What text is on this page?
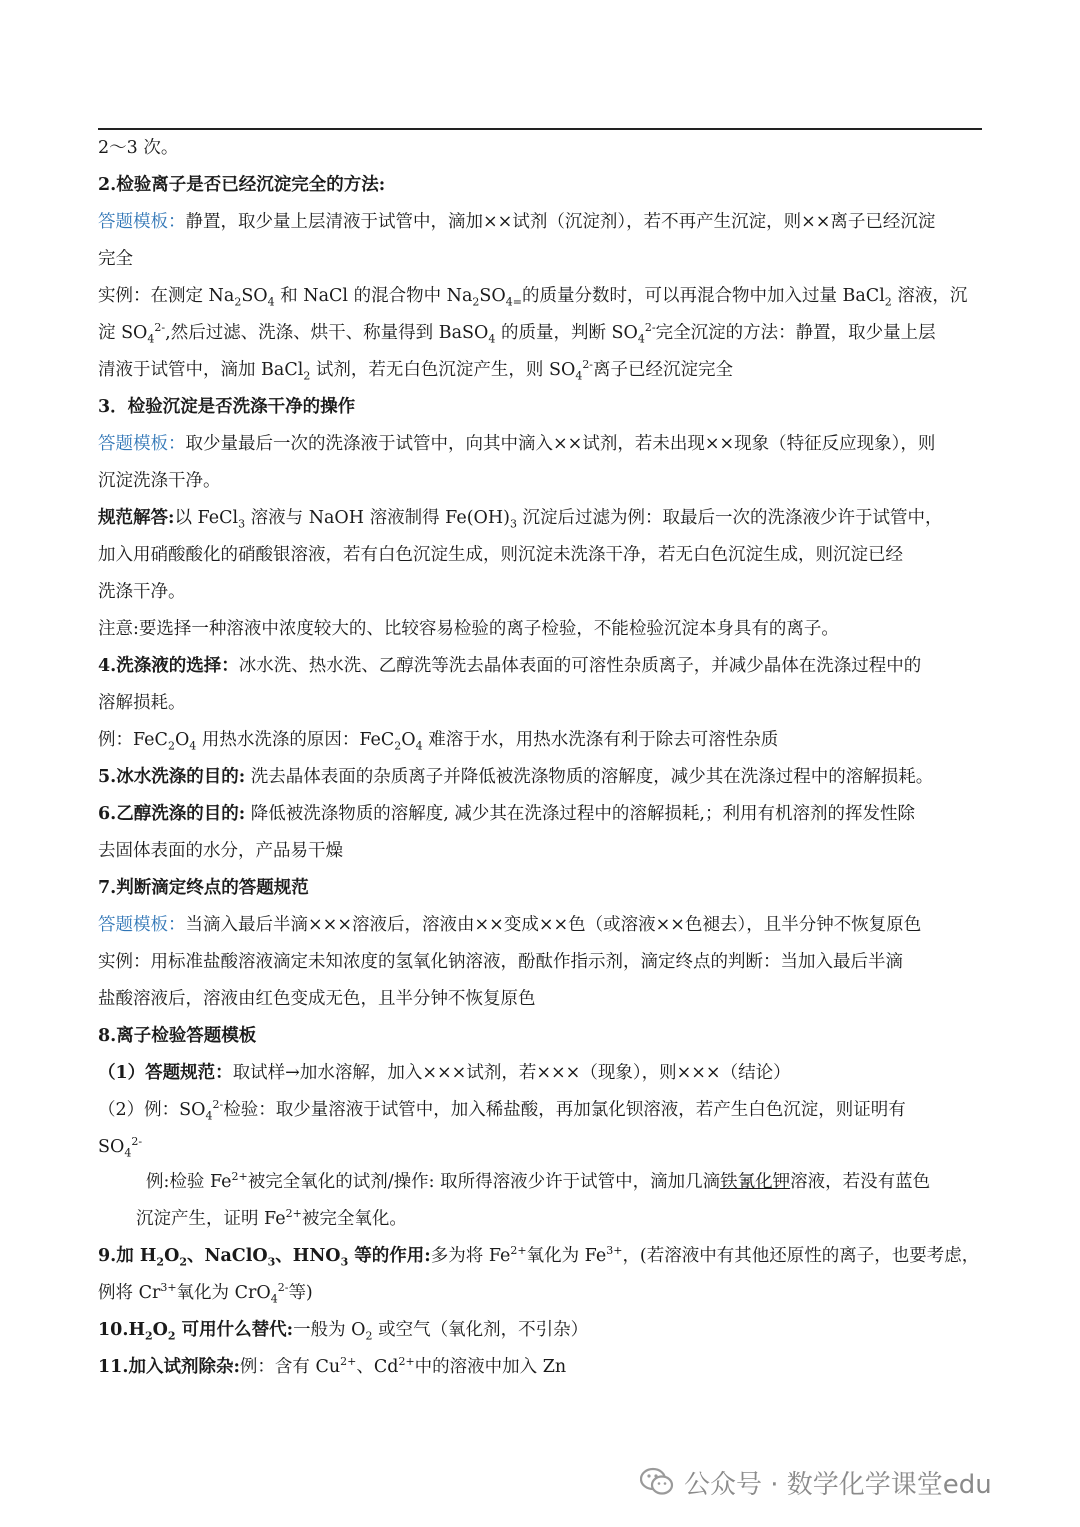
2～3 次。
2.检验离子是否已经沉淀完全的方法:
答题模板：静置，取少量上层清液于试管中，滴加××试剂（沉淀剂），若不再产生沉淀，则××离子已经沉淀
完全
实例：在测定 $Na_2SO_4$ 和 NaCl 的混合物中 $Na_2SO_{4=}$的质量分数时，可以再混合物中加入过量 BaCl$_2$ 溶液，沉
淀 $SO_4^{2-}$,然后过滤、洗涤、烘干、称量得到 BaSO$_4$ 的质量，判断 $SO_4^{2-}$完全沉淀的方法：静置，取少量上层
清液于试管中，滴加 BaCl$_2$ 试剂，若无白色沉淀产生，则 $SO_4^{2-}$离子已经沉淀完全
3．检验沉淀是否洗涤干净的操作
答题模板：取少量最后一次的洗涤液于试管中，向其中滴入××试剂，若未出现××现象（特征反应现象），则
沉淀洗涤干净。
规范解答:以 FeCl$_3$ 溶液与 NaOH 溶液制得 $Fe(OH)_3$ 沉淀后过滤为例：取最后一次的洗涤液少许于试管中，
加入用硝酸酸化的硝酸银溶液，若有白色沉淀生成，则沉淀未洗涤干净，若无白色沉淀生成，则沉淀已经
洗涤干净。
注意:要选择一种溶液中浓度较大的、比较容易检验的离子检验，不能检验沉淀本身具有的离子。
4.洗涤液的选择：冰水洗、热水洗、乙醇洗等洗去晶体表面的可溶性杂质离子，并减少晶体在洗涤过程中的
溶解损耗。
例：$FeC_2O_4$ 用热水洗涤的原因：$FeC_2O_4$ 难溶于水，用热水洗涤有利于除去可溶性杂质
5.冰水洗涤的目的: 洗去晶体表面的杂质离子并降低被洗涤物质的溶解度，减少其在洗涤过程中的溶解损耗。
6.乙醇洗涤的目的: 降低被洗涤物质的溶解度, 减少其在洗涤过程中的溶解损耗,；利用有机溶剂的挥发性除
去固体表面的水分，产品易干燥
7.判断滴定终点的答题规范
答题模板：当滴入最后半滴×××溶液后，溶液由××变成××色（或溶液××色褪去），且半分钟不恢复原色
实例：用标准盐酸溶液滴定未知浓度的氢氧化钠溶液，酚酞作指示剂，滴定终点的判断：当加入最后半滴
盐酸溶液后，溶液由红色变成无色，且半分钟不恢复原色
8.离子检验答题模板
（1）答题规范：取试样→加水溶解，加入×××试剂，若×××（现象），则×××（结论）
（2）例：$SO_4^{2-}$检验：取少量溶液于试管中，加入稀盐酸，再加氯化钡溶液，若产生白色沉淀，则证明有
$SO_4^{2-}$
例:检验 $Fe^{2+}$被完全氧化的试剂/操作: 取所得溶液少许于试管中，滴加几滴铁氰化钾溶液，若没有蓝色
沉淀产生，证明 $Fe^{2+}$被完全氧化。
9.加 $H_2O_2$、NaClO$_3$、$HNO_3$ 等的作用:多为将 $Fe^{2+}$氧化为 $Fe^{3+}$，(若溶液中有其他还原性的离子，也要考虑，
例将 $Cr^{3+}$氧化为 CrO$_4^{2-}$等)
$10.H_2O_2$ 可用什么替代:一般为 $O_2$ 或空气（氧化剂，不引杂）
11.加入试剂除杂:例：含有 $Cu^{2+}$、$Cd^{2+}$中的溶液中加入 Zn
公众号 · 数学化学课堂edu
